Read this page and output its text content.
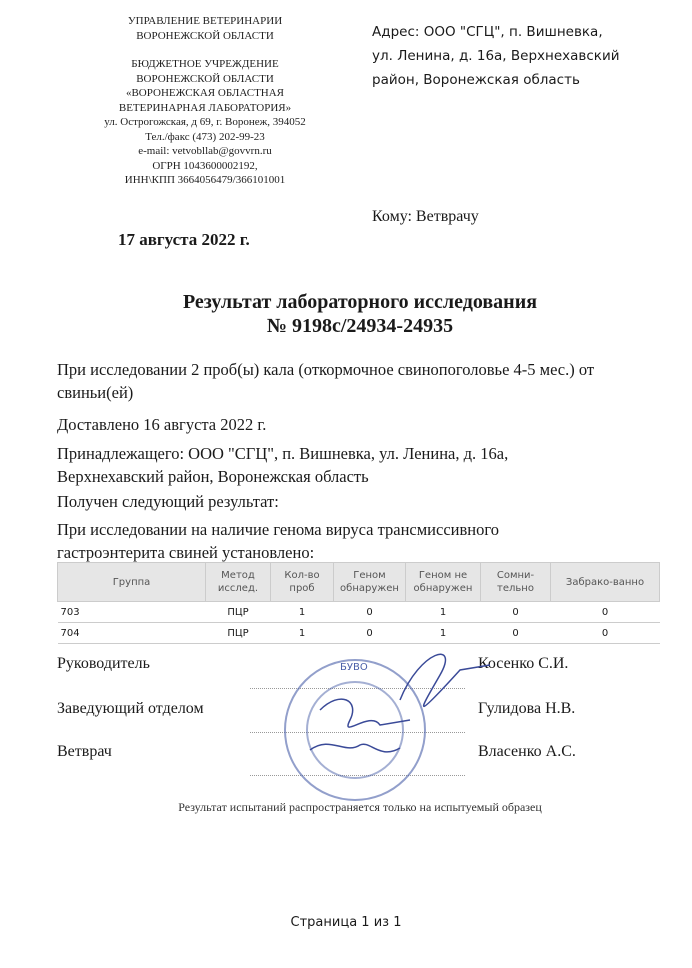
УПРАВЛЕНИЕ ВЕТЕРИНАРИИ
ВОРОНЕЖСКОЙ ОБЛАСТИ
БЮДЖЕТНОЕ УЧРЕЖДЕНИЕ
ВОРОНЕЖСКОЙ ОБЛАСТИ
«ВОРОНЕЖСКАЯ ОБЛАСТНАЯ
ВЕТЕРИНАРНАЯ ЛАБОРАТОРИЯ»
ул. Острогожская, д 69, г. Воронеж, 394052
Тел./факс (473) 202-99-23
e-mail: vetvobllab@govvrn.ru
ОГРН 1043600002192,
ИНН\КПП 3664056479/366101001
Адрес: ООО "СГЦ", п. Вишневка,
ул. Ленина, д. 16а, Верхнехавский
район, Воронежская область
Кому: Ветврачу
17 августа 2022 г.
Результат лабораторного исследования
№ 9198с/24934-24935
При исследовании 2 проб(ы) кала (откормочное свинопоголовье 4-5 мес.) от свиньи(ей)
Доставлено 16 августа 2022 г.
Принадлежащего: ООО "СГЦ", п. Вишневка, ул. Ленина, д. 16а, Верхнехавский район, Воронежская область
Получен следующий результат:
При исследовании на наличие генома вируса трансмиссивного гастроэнтерита свиней установлено:
Группа	Метод исслед.	Кол-во проб	Геном обнаружен	Геном не обнаружен	Сомни-тельно	Забрако-ванно
703	ПЦР	1	0	1	0	0
704	ПЦР	1	0	1	0	0
Руководитель	Косенко С.И.
Заведующий отделом	Гулидова Н.В.
Ветврач	Власенко А.С.
БУВО
Результат испытаний распространяется только на испытуемый образец
Страница 1 из 1
